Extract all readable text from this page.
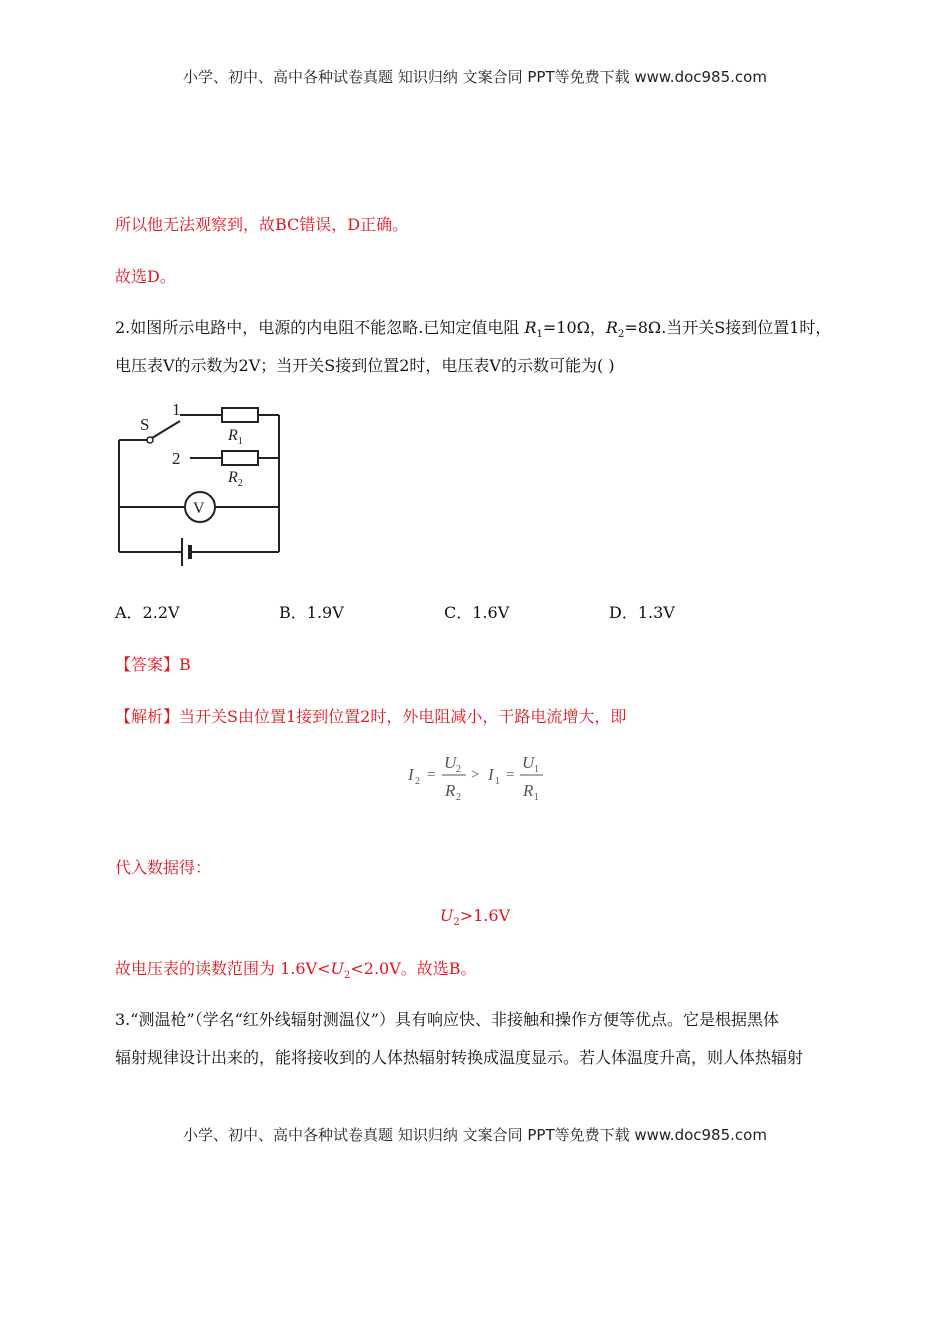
小学、初中、高中各种试卷真题 知识归纳 文案合同 PPT等免费下载 www.doc985.com
所以他无法观察到，故BC错误，D正确。
故选D。
2.如图所示电路中，电源的内电阻不能忽略.已知定值电阻 $R_1=10\Omega$，$R_2=8\Omega$.当开关S接到位置1时，
电压表V的示数为2V；当开关S接到位置2时，电压表V的示数可能为( )
S
1
2
$R_1$
$R_2$
V
A．2.2V	B．1.9V	C．1.6V	D．1.3V
【答案】B
【解析】当开关S由位置1接到位置2时，外电阻减小，干路电流增大，即
I 2 =
U 2
R 2
> I 1 =
U 1
R 1
代入数据得：
$U_2>1.6V$
故电压表的读数范围为 $1.6V<U_2<2.0V$。故选B。
3.“测温枪”（学名“红外线辐射测温仪”）具有响应快、非接触和操作方便等优点。它是根据黑体
辐射规律设计出来的，能将接收到的人体热辐射转换成温度显示。若人体温度升高，则人体热辐射
小学、初中、高中各种试卷真题 知识归纳 文案合同 PPT等免费下载 www.doc985.com
